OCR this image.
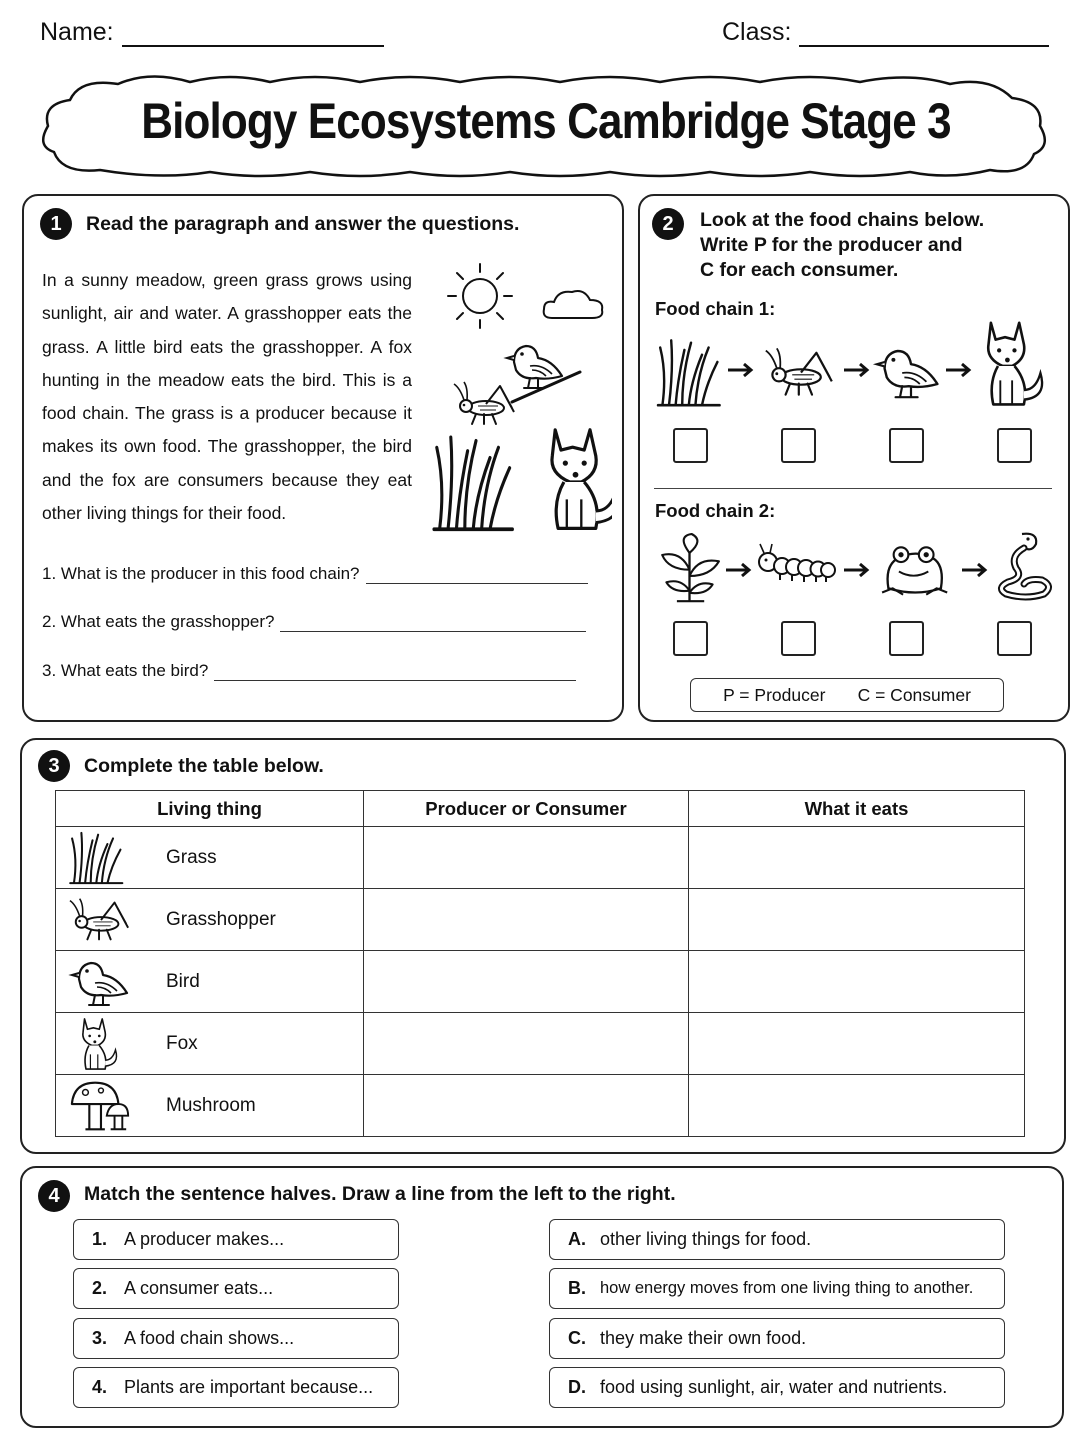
Name:	Class:
Biology Ecosystems Cambridge Stage 3
1	Read the paragraph and answer the questions.
In a sunny meadow, green grass grows using sunlight, air and water. A grasshopper eats the grass. A little bird eats the grasshopper. A fox hunting in the meadow eats the bird. This is a food chain. The grass is a producer because it makes its own food. The grasshopper, the bird and the fox are consumers because they eat other living things for their food.
1. What is the producer in this food chain?
2. What eats the grasshopper?
3. What eats the bird?
2	Look at the food chains below.
Write P for the producer and
C for each consumer.
Food chain 1:
Food chain 2:
P = Producer C = Consumer
3	Complete the table below.
Living thing	Producer or Consumer	What it eats

Grass		

Grasshopper		

Bird		

Fox		

Mushroom		

4	Match the sentence halves. Draw a line from the left to the right.
1. A producer makes...
2. A consumer eats...
3. A food chain shows...
4. Plants are important because...
A. other living things for food.
B. how energy moves from one living thing to another.
C. they make their own food.
D. food using sunlight, air, water and nutrients.
